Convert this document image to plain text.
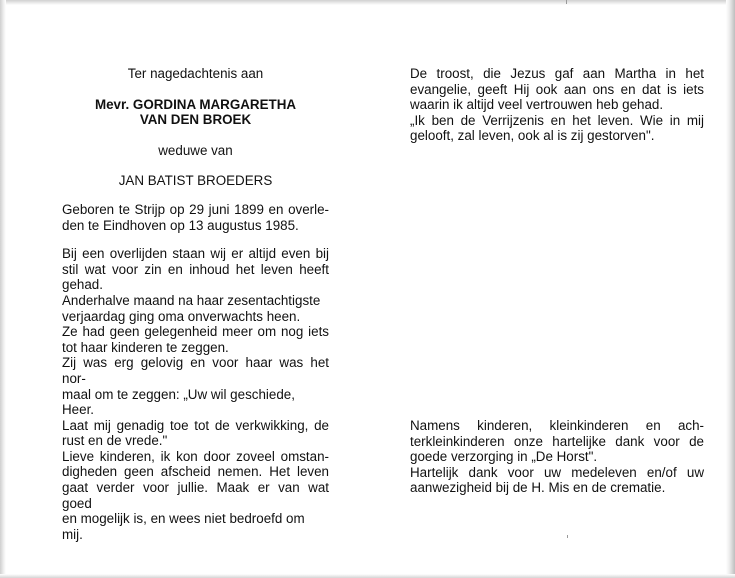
Ter nagedachtenis aan
Mevr. GORDINA MARGARETHA
VAN DEN BROEK
weduwe van
JAN BATIST BROEDERS
Geboren te Strijp op 29 juni 1899 en overle-
den te Eindhoven op 13 augustus 1985.
Bij een overlijden staan wij er altijd even bij
stil wat voor zin en inhoud het leven heeft
gehad.
Anderhalve maand na haar zesentachtigste
verjaardag ging oma onverwachts heen.
Ze had geen gelegenheid meer om nog iets
tot haar kinderen te zeggen.
Zij was erg gelovig en voor haar was het nor-
maal om te zeggen: „Uw wil geschiede, Heer.
Laat mij genadig toe tot de verkwikking, de
rust en de vrede."
Lieve kinderen, ik kon door zoveel omstan-
digheden geen afscheid nemen. Het leven
gaat verder voor jullie. Maak er van wat goed
en mogelijk is, en wees niet bedroefd om mij.
De troost, die Jezus gaf aan Martha in het
evangelie, geeft Hij ook aan ons en dat is iets
waarin ik altijd veel vertrouwen heb gehad.
„Ik ben de Verrijzenis en het leven. Wie in mij
gelooft, zal leven, ook al is zij gestorven".
Namens kinderen, kleinkinderen en ach-
terkleinkinderen onze hartelijke dank voor de
goede verzorging in „De Horst".
Hartelijk dank voor uw medeleven en/of uw
aanwezigheid bij de H. Mis en de crematie.
